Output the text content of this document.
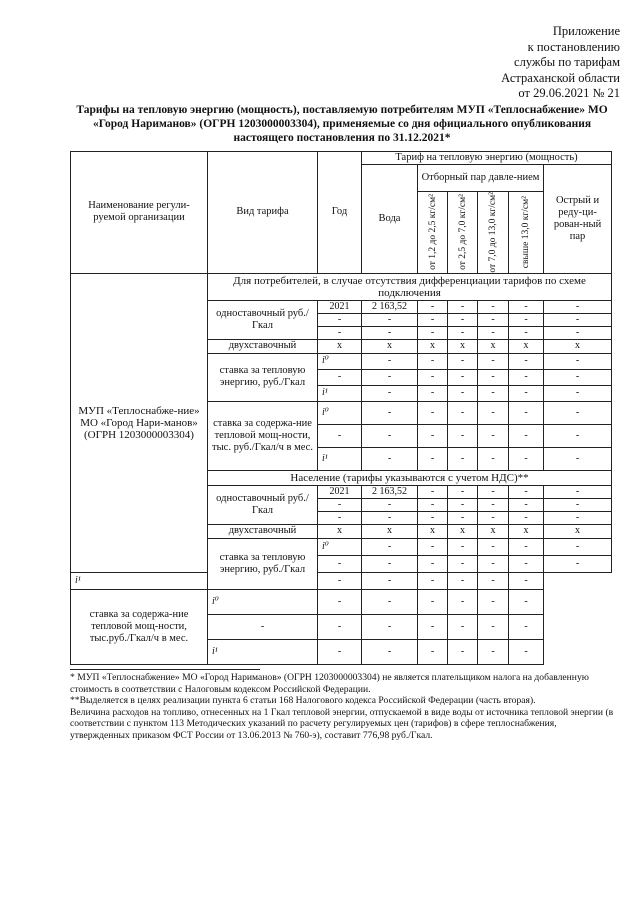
Приложение
к постановлению
службы по тарифам
Астраханской области
от 29.06.2021 № 21
Тарифы на тепловую энергию (мощность), поставляемую потребителям МУП «Теплоснабжение» МО «Город Нариманов» (ОГРН 1203000003304), применяемые со дня официального опубликования настоящего постановления по 31.12.2021*
Наименование регули-руемой организации	Вид тарифа	Год	Тариф на тепловую энергию (мощность)					
			Вода	Отборный пар давле-нием				Острый и реду-ци-рован-ный пар

				от 1,2 до 2,5 кг/см²	от 2,5 до 7,0 кг/см²	от 7,0 до 13,0 кг/см²	свыше 13,0 кг/см²	

МУП «Теплоснабже-ние» МО «Город Нари-манов» (ОГРН 1203000003304)	Для потребителей, в случае отсутствия дифференциации тарифов по схеме подключения							
	одноставочный руб./Гкал	2021	2 163,52	-	-	-	-	-
		-	-	-	-	-	-	-
		-	-	-	-	-	-	-
	двухставочный	х	х	х	х	х	х	х
	ставка за тепловую энергию, руб./Гкал	i⁰	-	-	-	-	-	-
		-	-	-	-	-	-	-
		i¹	-	-	-	-	-	-
	ставка за содержа-ние тепловой мощ-ности, тыс. руб./Гкал/ч в мес.	i⁰	-	-	-	-	-	-
		-	-	-	-	-	-	-
		i¹	-	-	-	-	-	-
	Население (тарифы указываются с учетом НДС)**							
	одноставочный руб./Гкал	2021	2 163,52	-	-	-	-	-
		-	-	-	-	-	-	-
		-	-	-	-	-	-	-
	двухставочный	х	х	х	х	х	х	х
	ставка за тепловую энергию, руб./Гкал	i⁰	-	-	-	-	-	-
		-	-	-	-	-	-	-
i¹		-	-	-	-	-	-	
ставка за содержа-ние тепловой мощ-ности, тыс.руб./Гкал/ч в мес.	i⁰	-	-	-	-	-	-	
	-	-	-	-	-	-	-	
	i¹	-	-	-	-	-	-	

* МУП «Теплоснабжение» МО «Город Нариманов» (ОГРН 1203000003304) не является плательщиком налога на добавленную стоимость в соответствии с Налоговым кодексом Российской Федерации.

**Выделяется в целях реализации пункта 6 статьи 168 Налогового кодекса Российской Федерации (часть вторая).

Величина расходов на топливо, отнесенных на 1 Гкал тепловой энергии, отпускаемой в виде воды от источника тепловой энергии (в соответствии с пунктом 113 Методических указаний по расчету регулируемых цен (тарифов) в сфере теплоснабжения, утвержденных приказом ФСТ России от 13.06.2013 № 760-э), составит 776,98 руб./Гкал.
